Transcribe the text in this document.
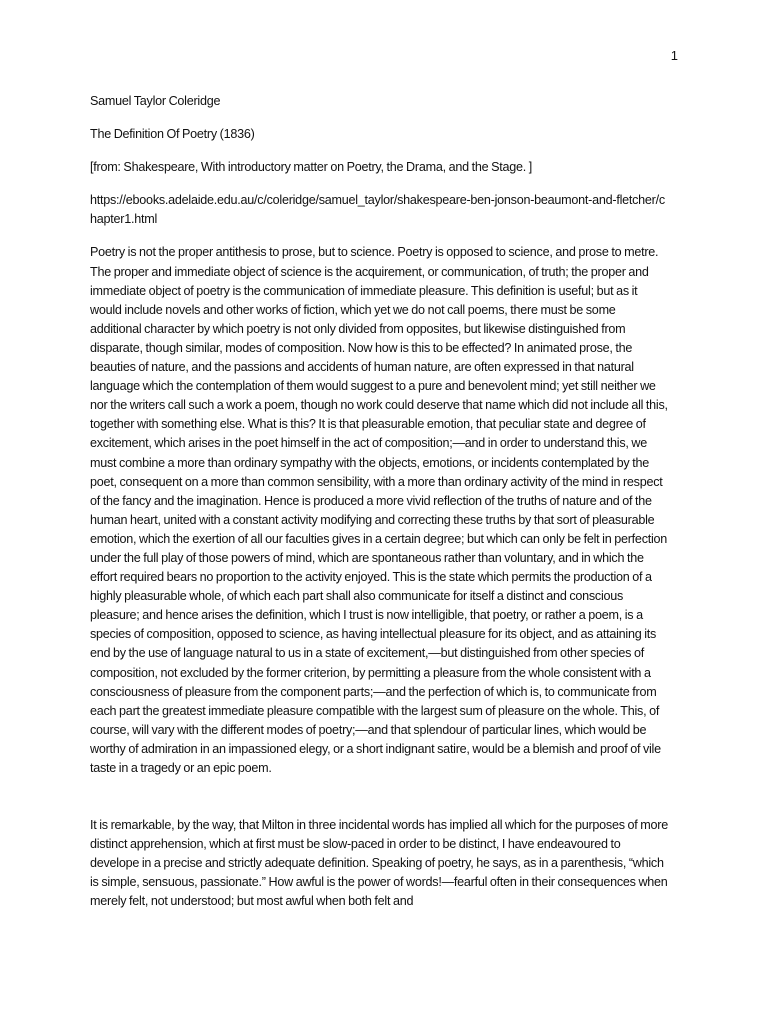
1

Samuel Taylor Coleridge

The Definition Of Poetry (1836)

[from: Shakespeare, With introductory matter on Poetry, the Drama, and the Stage. ]

https://ebooks.adelaide.edu.au/c/coleridge/samuel_taylor/shakespeare-ben-jonson-beaumont-and-fletcher/chapter1.html

Poetry is not the proper antithesis to prose, but to science. Poetry is opposed to science, and prose to metre. The proper and immediate object of science is the acquirement, or communication, of truth; the proper and immediate object of poetry is the communication of immediate pleasure. This definition is useful; but as it would include novels and other works of fiction, which yet we do not call poems, there must be some additional character by which poetry is not only divided from opposites, but likewise distinguished from disparate, though similar, modes of composition. Now how is this to be effected? In animated prose, the beauties of nature, and the passions and accidents of human nature, are often expressed in that natural language which the contemplation of them would suggest to a pure and benevolent mind; yet still neither we nor the writers call such a work a poem, though no work could deserve that name which did not include all this, together with something else. What is this? It is that pleasurable emotion, that peculiar state and degree of excitement, which arises in the poet himself in the act of composition;—and in order to understand this, we must combine a more than ordinary sympathy with the objects, emotions, or incidents contemplated by the poet, consequent on a more than common sensibility, with a more than ordinary activity of the mind in respect of the fancy and the imagination. Hence is produced a more vivid reflection of the truths of nature and of the human heart, united with a constant activity modifying and correcting these truths by that sort of pleasurable emotion, which the exertion of all our faculties gives in a certain degree; but which can only be felt in perfection under the full play of those powers of mind, which are spontaneous rather than voluntary, and in which the effort required bears no proportion to the activity enjoyed. This is the state which permits the production of a highly pleasurable whole, of which each part shall also communicate for itself a distinct and conscious pleasure; and hence arises the definition, which I trust is now intelligible, that poetry, or rather a poem, is a species of composition, opposed to science, as having intellectual pleasure for its object, and as attaining its end by the use of language natural to us in a state of excitement,—but distinguished from other species of composition, not excluded by the former criterion, by permitting a pleasure from the whole consistent with a consciousness of pleasure from the component parts;—and the perfection of which is, to communicate from each part the greatest immediate pleasure compatible with the largest sum of pleasure on the whole. This, of course, will vary with the different modes of poetry;—and that splendour of particular lines, which would be worthy of admiration in an impassioned elegy, or a short indignant satire, would be a blemish and proof of vile taste in a tragedy or an epic poem.

It is remarkable, by the way, that Milton in three incidental words has implied all which for the purposes of more distinct apprehension, which at first must be slow-paced in order to be distinct, I have endeavoured to develope in a precise and strictly adequate definition. Speaking of poetry, he says, as in a parenthesis, “which is simple, sensuous, passionate.” How awful is the power of words!—fearful often in their consequences when merely felt, not understood; but most awful when both felt and
